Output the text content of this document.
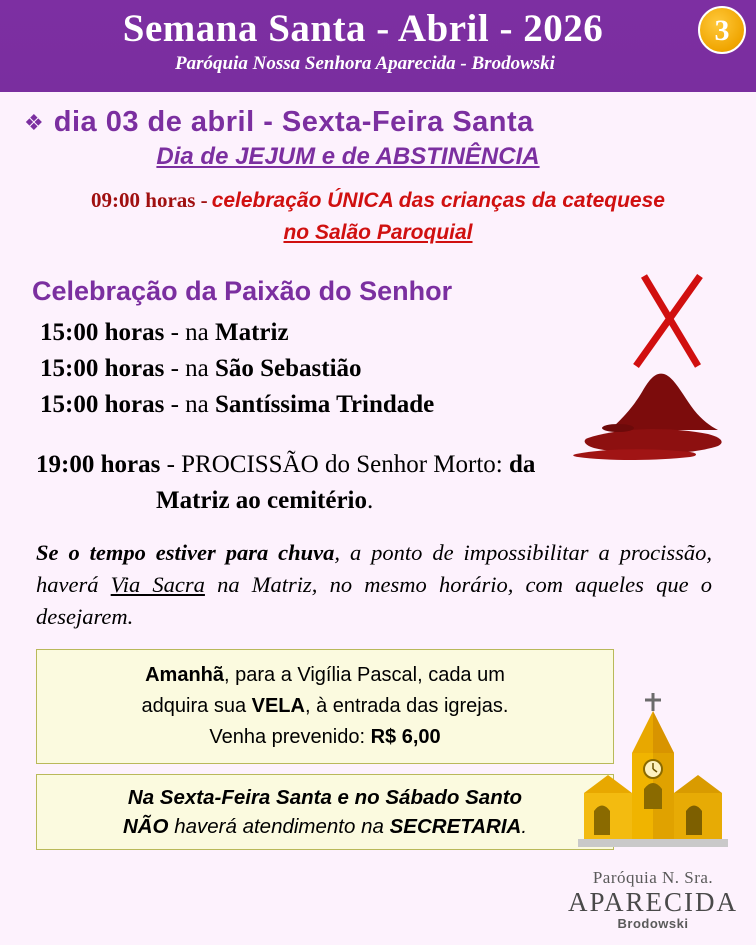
Semana Santa - Abril - 2026
Paróquia Nossa Senhora Aparecida - Brodowski
3
❖ dia 03 de abril - Sexta-Feira Santa
Dia de JEJUM e de ABSTINÊNCIA
09:00 horas - celebração ÚNICA das crianças da catequese
no Salão Paroquial
Celebração da Paixão do Senhor
15:00 horas - na Matriz
15:00 horas - na São Sebastião
15:00 horas - na Santíssima Trindade
19:00 horas - PROCISSÃO do Senhor Morto: da
Matriz ao cemitério.
Se o tempo estiver para chuva, a ponto de impossibilitar a procissão, haverá Via Sacra na Matriz, no mesmo horário, com aqueles que o desejarem.
Amanhã, para a Vigília Pascal, cada um
adquira sua VELA, à entrada das igrejas.
Venha prevenido: R$ 6,00
Na Sexta-Feira Santa e no Sábado Santo
NÃO haverá atendimento na SECRETARIA.
Paróquia N. Sra.
APARECIDA
Brodowski
